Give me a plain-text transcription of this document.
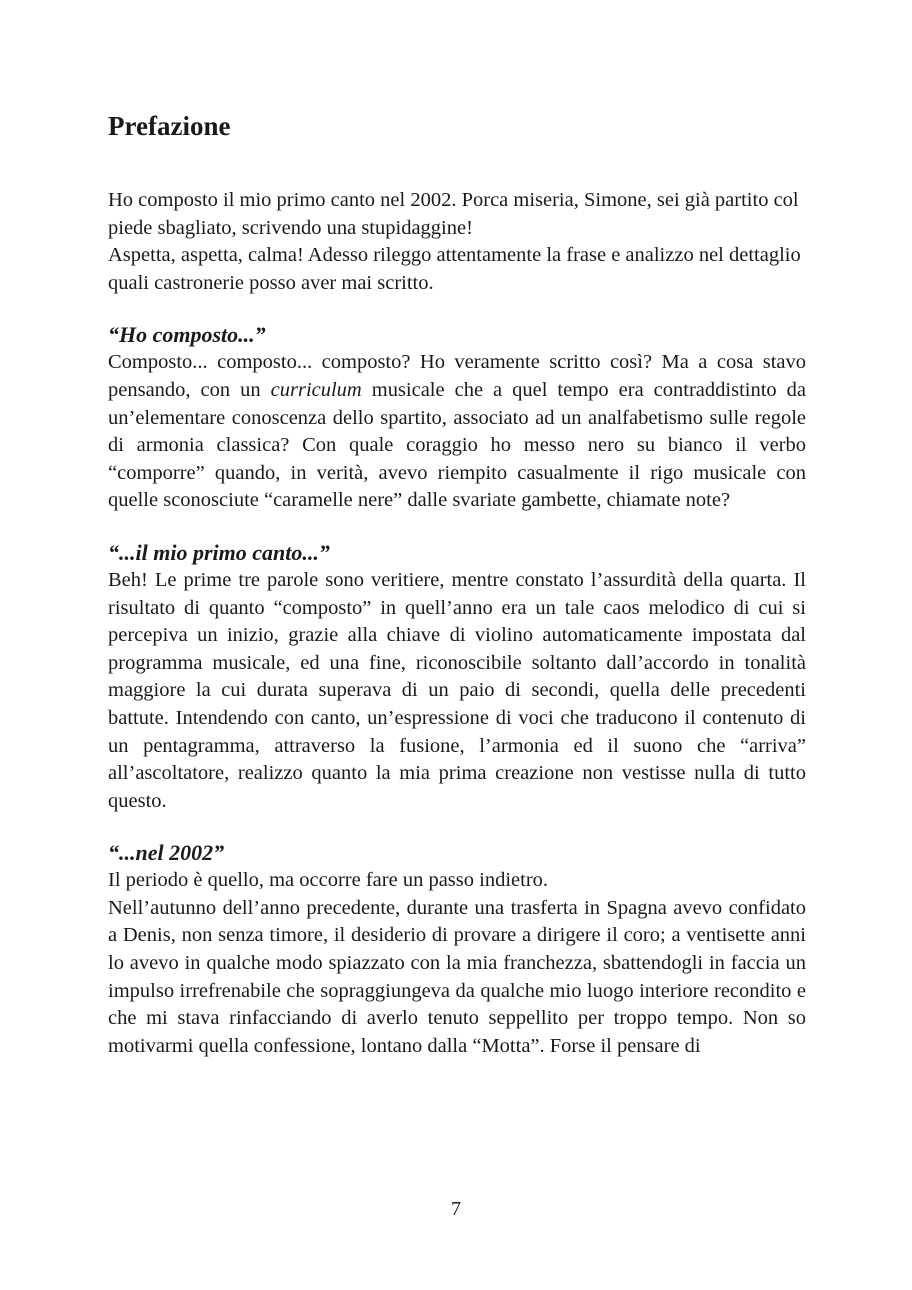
Prefazione

Ho composto il mio primo canto nel 2002. Porca miseria, Simone, sei già partito col piede sbagliato, scrivendo una stupidaggine!

Aspetta, aspetta, calma! Adesso rileggo attentamente la frase e analizzo nel dettaglio quali castronerie posso aver mai scritto.

“Ho composto...”

Composto... composto... composto? Ho veramente scritto così? Ma a cosa stavo pensando, con un curriculum musicale che a quel tempo era contraddistinto da un’elementare conoscenza dello spartito, associato ad un analfabetismo sulle regole di armonia classica? Con quale coraggio ho messo nero su bianco il verbo “comporre” quando, in verità, avevo riempito casualmente il rigo musicale con quelle sconosciute “caramelle nere” dalle svariate gambette, chiamate note?

“...il mio primo canto...”

Beh! Le prime tre parole sono veritiere, mentre constato l’assurdità della quarta. Il risultato di quanto “composto” in quell’anno era un tale caos melodico di cui si percepiva un inizio, grazie alla chiave di violino automaticamente impostata dal programma musicale, ed una fine, riconoscibile soltanto dall’accordo in tonalità maggiore la cui durata superava di un paio di secondi, quella delle precedenti battute. Intendendo con canto, un’espressione di voci che traducono il contenuto di un pentagramma, attraverso la fusione, l’armonia ed il suono che “arriva” all’ascoltatore, realizzo quanto la mia prima creazione non vestisse nulla di tutto questo.

“...nel 2002”

Il periodo è quello, ma occorre fare un passo indietro.

Nell’autunno dell’anno precedente, durante una trasferta in Spagna avevo confidato a Denis, non senza timore, il desiderio di provare a dirigere il coro; a ventisette anni lo avevo in qualche modo spiazzato con la mia franchezza, sbattendogli in faccia un impulso irrefrenabile che sopraggiungeva da qualche mio luogo interiore recondito e che mi stava rinfacciando di averlo tenuto seppellito per troppo tempo. Non so motivarmi quella confessione, lontano dalla “Motta”. Forse il pensare di

7
